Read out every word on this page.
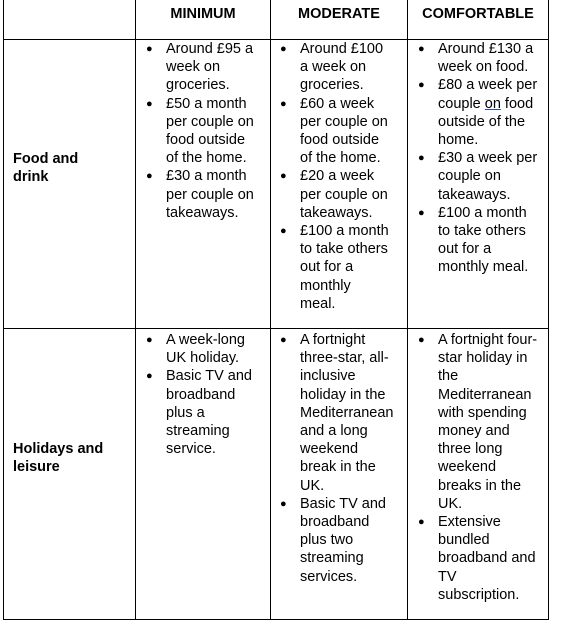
MINIMUM	MODERATE	COMFORTABLE
Food and
drink
Holidays and
leisure
● Around £95 a
week on
groceries.
● £50 a month
per couple on
food outside
of the home.
● £30 a month
per couple on
takeaways.
● Around £100
a week on
groceries.
● £60 a week
per couple on
food outside
of the home.
● £20 a week
per couple on
takeaways.
● £100 a month
to take others
out for a
monthly
meal.
● Around £130 a
week on food.
● £80 a week per
couple on food
outside of the
home.
● £30 a week per
couple on
takeaways.
● £100 a month
to take others
out for a
monthly meal.
● A week-long
UK holiday.
● Basic TV and
broadband
plus a
streaming
service.
● A fortnight
three-star, all-
inclusive
holiday in the
Mediterranean
and a long
weekend
break in the
UK.
● Basic TV and
broadband
plus two
streaming
services.
● A fortnight four-
star holiday in
the
Mediterranean
with spending
money and
three long
weekend
breaks in the
UK.
● Extensive
bundled
broadband and
TV
subscription.
